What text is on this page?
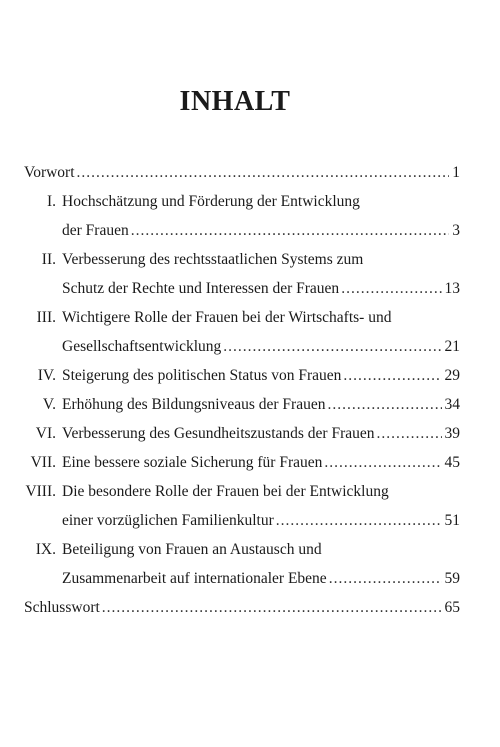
INHALT
Vorwort .....	1
I. Hochschätzung und Förderung der Entwicklung
der Frauen .....	3
II. Verbesserung des rechtsstaatlichen Systems zum
Schutz der Rechte und Interessen der Frauen .....	13
III. Wichtigere Rolle der Frauen bei der Wirtschafts- und
Gesellschaftsentwicklung .....	21
IV. Steigerung des politischen Status von Frauen .....	29
V. Erhöhung des Bildungsniveaus der Frauen .....	34
VI. Verbesserung des Gesundheitszustands der Frauen .....	39
VII. Eine bessere soziale Sicherung für Frauen .....	45
VIII. Die besondere Rolle der Frauen bei der Entwicklung
einer vorzüglichen Familienkultur .....	51
IX. Beteiligung von Frauen an Austausch und
Zusammenarbeit auf internationaler Ebene .....	59
Schlusswort .....	65
